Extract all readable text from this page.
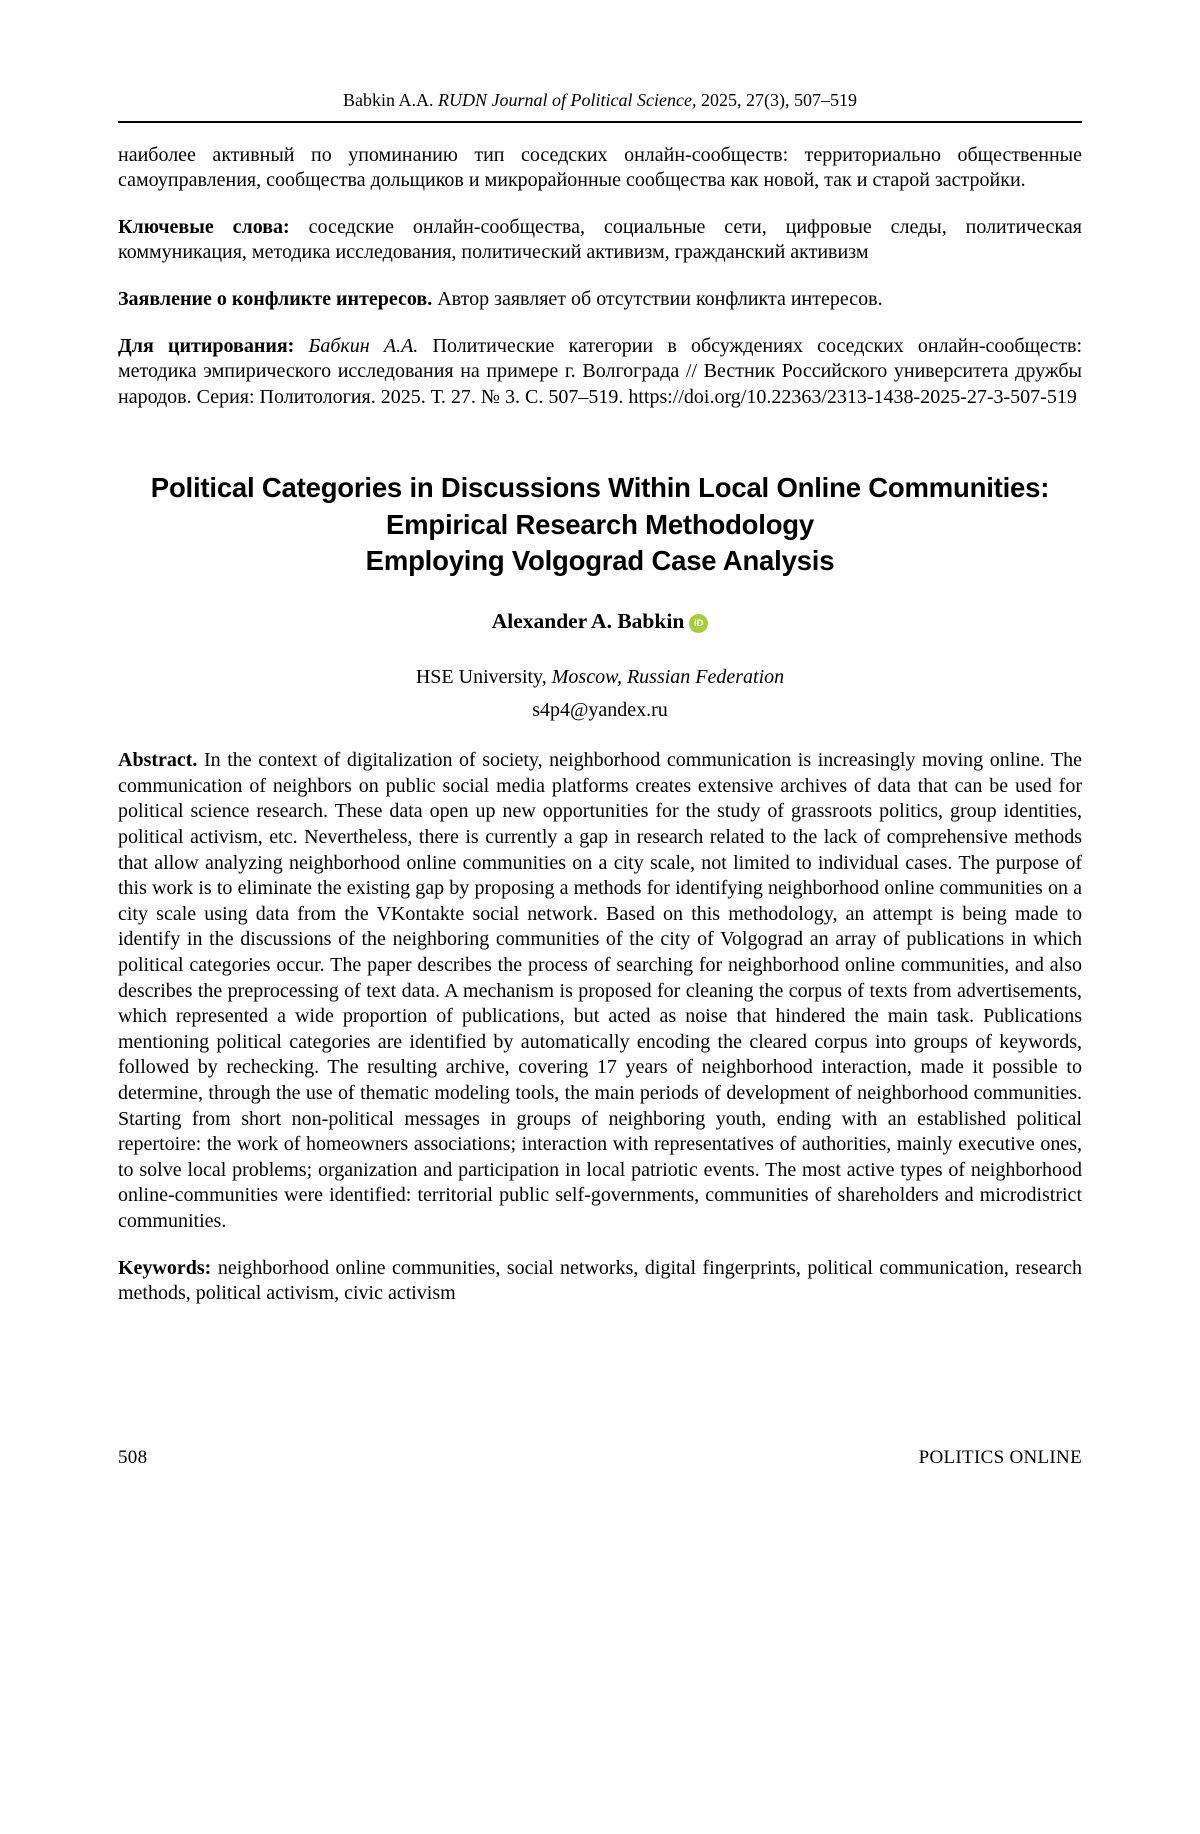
Babkin A.A. RUDN Journal of Political Science, 2025, 27(3), 507–519

наиболее активный по упоминанию тип соседских онлайн-сообществ: территориально общественные самоуправления, сообщества дольщиков и микрорайонные сообщества как новой, так и старой застройки.

Ключевые слова: соседские онлайн-сообщества, социальные сети, цифровые следы, политическая коммуникация, методика исследования, политический активизм, гражданский активизм

Заявление о конфликте интересов. Автор заявляет об отсутствии конфликта интересов.

Для цитирования: Бабкин А.А. Политические категории в обсуждениях соседских онлайн-сообществ: методика эмпирического исследования на примере г. Волгограда // Вестник Российского университета дружбы народов. Серия: Политология. 2025. Т. 27. № 3. С. 507–519. https://doi.org/10.22363/2313-1438-2025-27-3-507-519

Political Categories in Discussions Within Local Online Communities:
Empirical Research Methodology
Employing Volgograd Case Analysis
Alexander A. Babkin iD
HSE University, Moscow, Russian Federation
s4p4@yandex.ru

Abstract. In the context of digitalization of society, neighborhood communication is increasingly moving online. The communication of neighbors on public social media platforms creates extensive archives of data that can be used for political science research. These data open up new opportunities for the study of grassroots politics, group identities, political activism, etc. Nevertheless, there is currently a gap in research related to the lack of comprehensive methods that allow analyzing neighborhood online communities on a city scale, not limited to individual cases. The purpose of this work is to eliminate the existing gap by proposing a methods for identifying neighborhood online communities on a city scale using data from the VKontakte social network. Based on this methodology, an attempt is being made to identify in the discussions of the neighboring communities of the city of Volgograd an array of publications in which political categories occur. The paper describes the process of searching for neighborhood online communities, and also describes the preprocessing of text data. A mechanism is proposed for cleaning the corpus of texts from advertisements, which represented a wide proportion of publications, but acted as noise that hindered the main task. Publications mentioning political categories are identified by automatically encoding the cleared corpus into groups of keywords, followed by rechecking. The resulting archive, covering 17 years of neighborhood interaction, made it possible to determine, through the use of thematic modeling tools, the main periods of development of neighborhood communities. Starting from short non-political messages in groups of neighboring youth, ending with an established political repertoire: the work of homeowners associations; interaction with representatives of authorities, mainly executive ones, to solve local problems; organization and participation in local patriotic events. The most active types of neighborhood online-communities were identified: territorial public self-governments, communities of shareholders and microdistrict communities.

Keywords: neighborhood online communities, social networks, digital fingerprints, political communication, research methods, political activism, civic activism

508	POLITICS ONLINE
